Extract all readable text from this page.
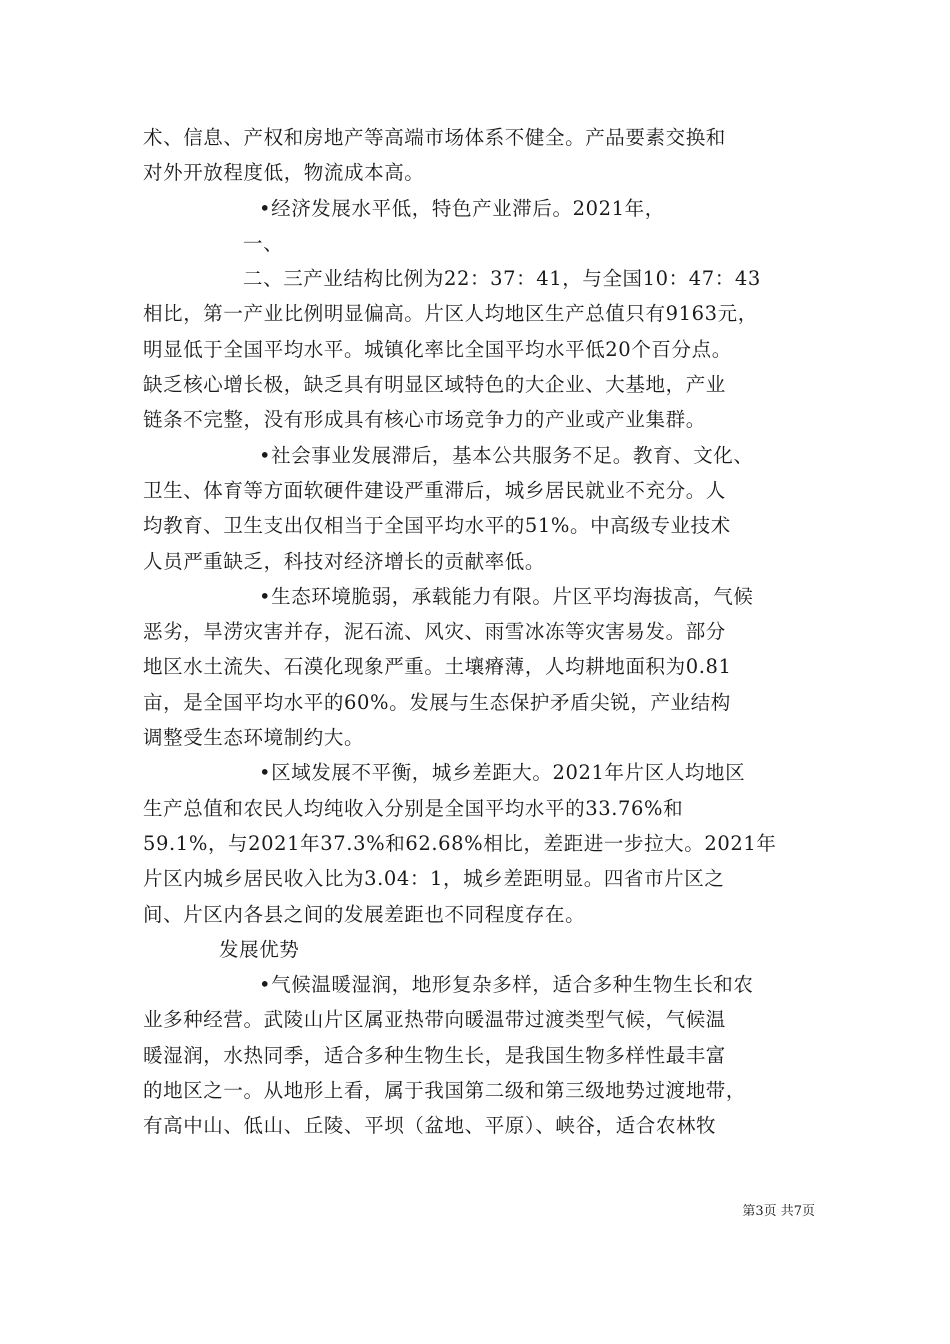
术、信息、产权和房地产等高端市场体系不健全。产品要素交换和
对外开放程度低，物流成本高。
•经济发展水平低，特色产业滞后。2021年，
一、
二、三产业结构比例为22：37：41，与全国10：47：43
相比，第一产业比例明显偏高。片区人均地区生产总值只有9163元，
明显低于全国平均水平。城镇化率比全国平均水平低20个百分点。
缺乏核心增长极，缺乏具有明显区域特色的大企业、大基地，产业
链条不完整，没有形成具有核心市场竞争力的产业或产业集群。
•社会事业发展滞后，基本公共服务不足。教育、文化、
卫生、体育等方面软硬件建设严重滞后，城乡居民就业不充分。人
均教育、卫生支出仅相当于全国平均水平的51%。中高级专业技术
人员严重缺乏，科技对经济增长的贡献率低。
•生态环境脆弱，承载能力有限。片区平均海拔高，气候
恶劣，旱涝灾害并存，泥石流、风灾、雨雪冰冻等灾害易发。部分
地区水土流失、石漠化现象严重。土壤瘠薄，人均耕地面积为0.81
亩，是全国平均水平的60%。发展与生态保护矛盾尖锐，产业结构
调整受生态环境制约大。
•区域发展不平衡，城乡差距大。2021年片区人均地区
生产总值和农民人均纯收入分别是全国平均水平的33.76%和
59.1%，与2021年37.3%和62.68%相比，差距进一步拉大。2021年
片区内城乡居民收入比为3.04：1，城乡差距明显。四省市片区之
间、片区内各县之间的发展差距也不同程度存在。
发展优势
•气候温暖湿润，地形复杂多样，适合多种生物生长和农
业多种经营。武陵山片区属亚热带向暖温带过渡类型气候，气候温
暖湿润，水热同季，适合多种生物生长，是我国生物多样性最丰富
的地区之一。从地形上看，属于我国第二级和第三级地势过渡地带，
有高中山、低山、丘陵、平坝（盆地、平原）、峡谷，适合农林牧
第3页 共7页
